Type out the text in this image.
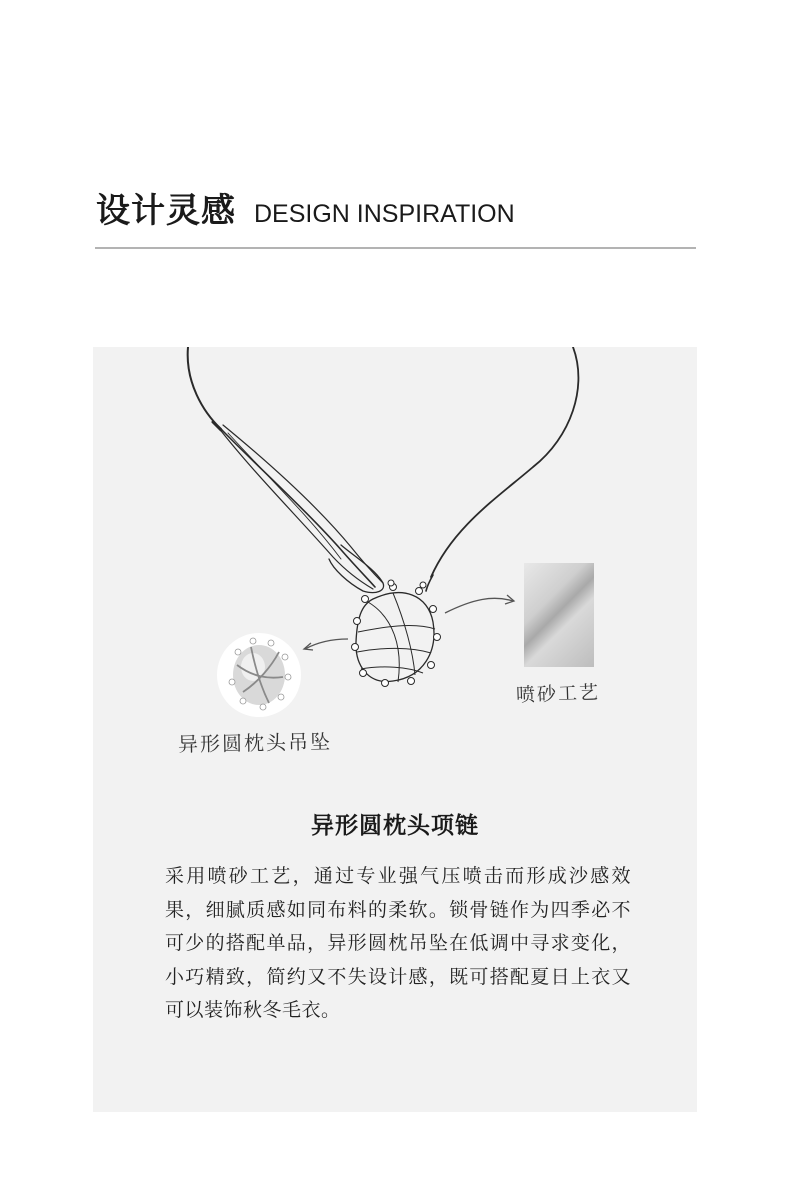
设计灵感 DESIGN INSPIRATION
异形圆枕头吊坠
喷砂工艺
异形圆枕头项链
采用喷砂工艺，通过专业强气压喷击而形成沙感效果，细腻质感如同布料的柔软。锁骨链作为四季必不可少的搭配单品，异形圆枕吊坠在低调中寻求变化，小巧精致，简约又不失设计感，既可搭配夏日上衣又可以装饰秋冬毛衣。
